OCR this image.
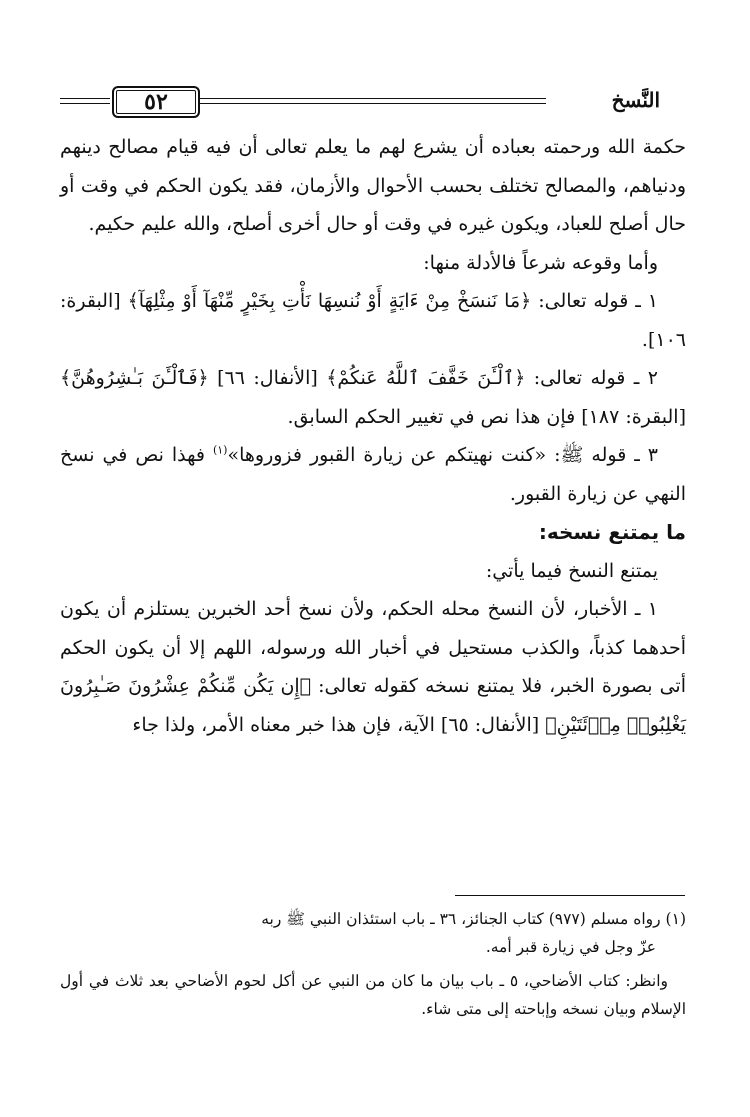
٥٢	النَّسخ

حكمة الله ورحمته بعباده أن يشرع لهم ما يعلم تعالى أن فيه قيام مصالح دينهم ودنياهم، والمصالح تختلف بحسب الأحوال والأزمان، فقد يكون الحكم في وقت أو حال أصلح للعباد، ويكون غيره في وقت أو حال أخرى أصلح، والله عليم حكيم.

وأما وقوعه شرعاً فالأدلة منها:

١ ـ قوله تعالى: ﴿مَا نَنسَخْ مِنْ ءَايَةٍ أَوْ نُنسِهَا نَأْتِ بِخَيْرٍ مِّنْهَآ أَوْ مِثْلِهَآ﴾ [البقرة: ١٠٦].

٢ ـ قوله تعالى: ﴿ٱلْـَٔنَ خَفَّفَ ٱللَّهُ عَنكُمْ﴾ [الأنفال: ٦٦] ﴿فَٱلْـَٔنَ بَـٰشِرُوهُنَّ﴾ [البقرة: ١٨٧] فإن هذا نص في تغيير الحكم السابق.

٣ ـ قوله ﷺ: «كنت نهيتكم عن زيارة القبور فزوروها»$^{(١)}$ فهذا نص في نسخ النهي عن زيارة القبور.

ما يمتنع نسخه:

يمتنع النسخ فيما يأتي:

١ ـ الأخبار، لأن النسخ محله الحكم، ولأن نسخ أحد الخبرين يستلزم أن يكون أحدهما كذباً، والكذب مستحيل في أخبار الله ورسوله، اللهم إلا أن يكون الحكم أتى بصورة الخبر، فلا يمتنع نسخه كقوله تعالى: ﴿إِن يَكُن مِّنكُمْ عِشْرُونَ صَـٰبِرُونَ يَغْلِبُوا۟ مِا۟ئَتَيْنِ﴾ [الأنفال: ٦٥] الآية، فإن هذا خبر معناه الأمر، ولذا جاء

(١) رواه مسلم (٩٧٧) كتاب الجنائز، ٣٦ ـ باب استئذان النبي ﷺ ربه

عزّ وجل في زيارة قبر أمه.

وانظر: كتاب الأضاحي، ٥ ـ باب بيان ما كان من النبي عن أكل لحوم الأضاحي بعد ثلاث في أول الإسلام وبيان نسخه وإباحته إلى متى شاء.
